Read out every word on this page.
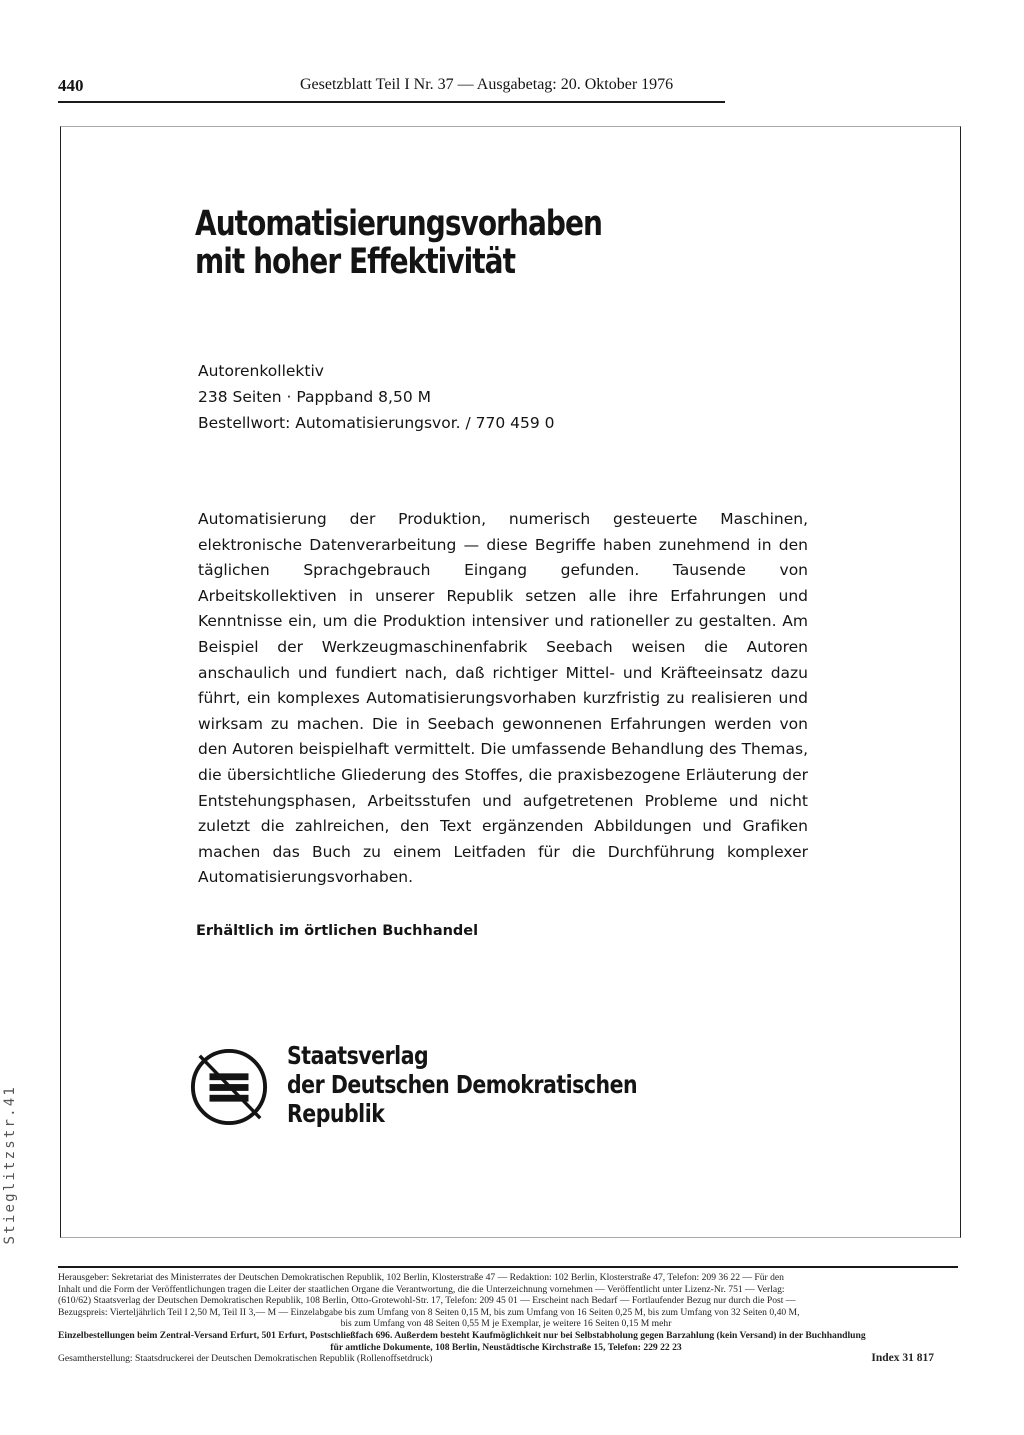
440	Gesetzblatt Teil I Nr. 37 — Ausgabetag: 20. Oktober 1976
Automatisierungsvorhaben
mit hoher Effektivität
Autorenkollektiv
238 Seiten · Pappband 8,50 M
Bestellwort: Automatisierungsvor. / 770 459 0
Automatisierung der Produktion, numerisch gesteuerte Maschinen, elektronische Datenverarbeitung — diese Begriffe haben zunehmend in den täglichen Sprachgebrauch Eingang gefunden. Tausende von Arbeitskollektiven in unserer Republik setzen alle ihre Erfahrungen und Kenntnisse ein, um die Produktion intensiver und rationeller zu gestalten. Am Beispiel der Werkzeugmaschinenfabrik Seebach weisen die Autoren anschaulich und fundiert nach, daß richtiger Mittel- und Kräfteeinsatz dazu führt, ein komplexes Automatisierungsvorhaben kurzfristig zu realisieren und wirksam zu machen. Die in Seebach gewonnenen Erfahrungen werden von den Autoren beispielhaft vermittelt. Die umfassende Behandlung des Themas, die übersichtliche Gliederung des Stoffes, die praxisbezogene Erläuterung der Entstehungsphasen, Arbeitsstufen und aufgetretenen Probleme und nicht zuletzt die zahlreichen, den Text ergänzenden Abbildungen und Grafiken machen das Buch zu einem Leitfaden für die Durchführung komplexer Automatisierungsvorhaben.
Erhältlich im örtlichen Buchhandel
Staatsverlag
der Deutschen Demokratischen
Republik
Herausgeber: Sekretariat des Ministerrates der Deutschen Demokratischen Republik, 102 Berlin, Klosterstraße 47 — Redaktion: 102 Berlin, Klosterstraße 47, Telefon: 209 36 22 — Für den
Inhalt und die Form der Veröffentlichungen tragen die Leiter der staatlichen Organe die Verantwortung, die die Unterzeichnung vornehmen — Veröffentlicht unter Lizenz-Nr. 751 — Verlag:
(610/62) Staatsverlag der Deutschen Demokratischen Republik, 108 Berlin, Otto-Grotewohl-Str. 17, Telefon: 209 45 01 — Erscheint nach Bedarf — Fortlaufender Bezug nur durch die Post —
Bezugspreis: Vierteljährlich Teil I 2,50 M, Teil II 3,— M — Einzelabgabe bis zum Umfang von 8 Seiten 0,15 M, bis zum Umfang von 16 Seiten 0,25 M, bis zum Umfang von 32 Seiten 0,40 M,
bis zum Umfang von 48 Seiten 0,55 M je Exemplar, je weitere 16 Seiten 0,15 M mehr
Einzelbestellungen beim Zentral-Versand Erfurt, 501 Erfurt, Postschließfach 696. Außerdem besteht Kaufmöglichkeit nur bei Selbstabholung gegen Barzahlung (kein Versand) in der Buchhandlung
für amtliche Dokumente, 108 Berlin, Neustädtische Kirchstraße 15, Telefon: 229 22 23
Gesamtherstellung: Staatsdruckerei der Deutschen Demokratischen Republik (Rollenoffsetdruck)	Index 31 817
Stieglitzstr.41
